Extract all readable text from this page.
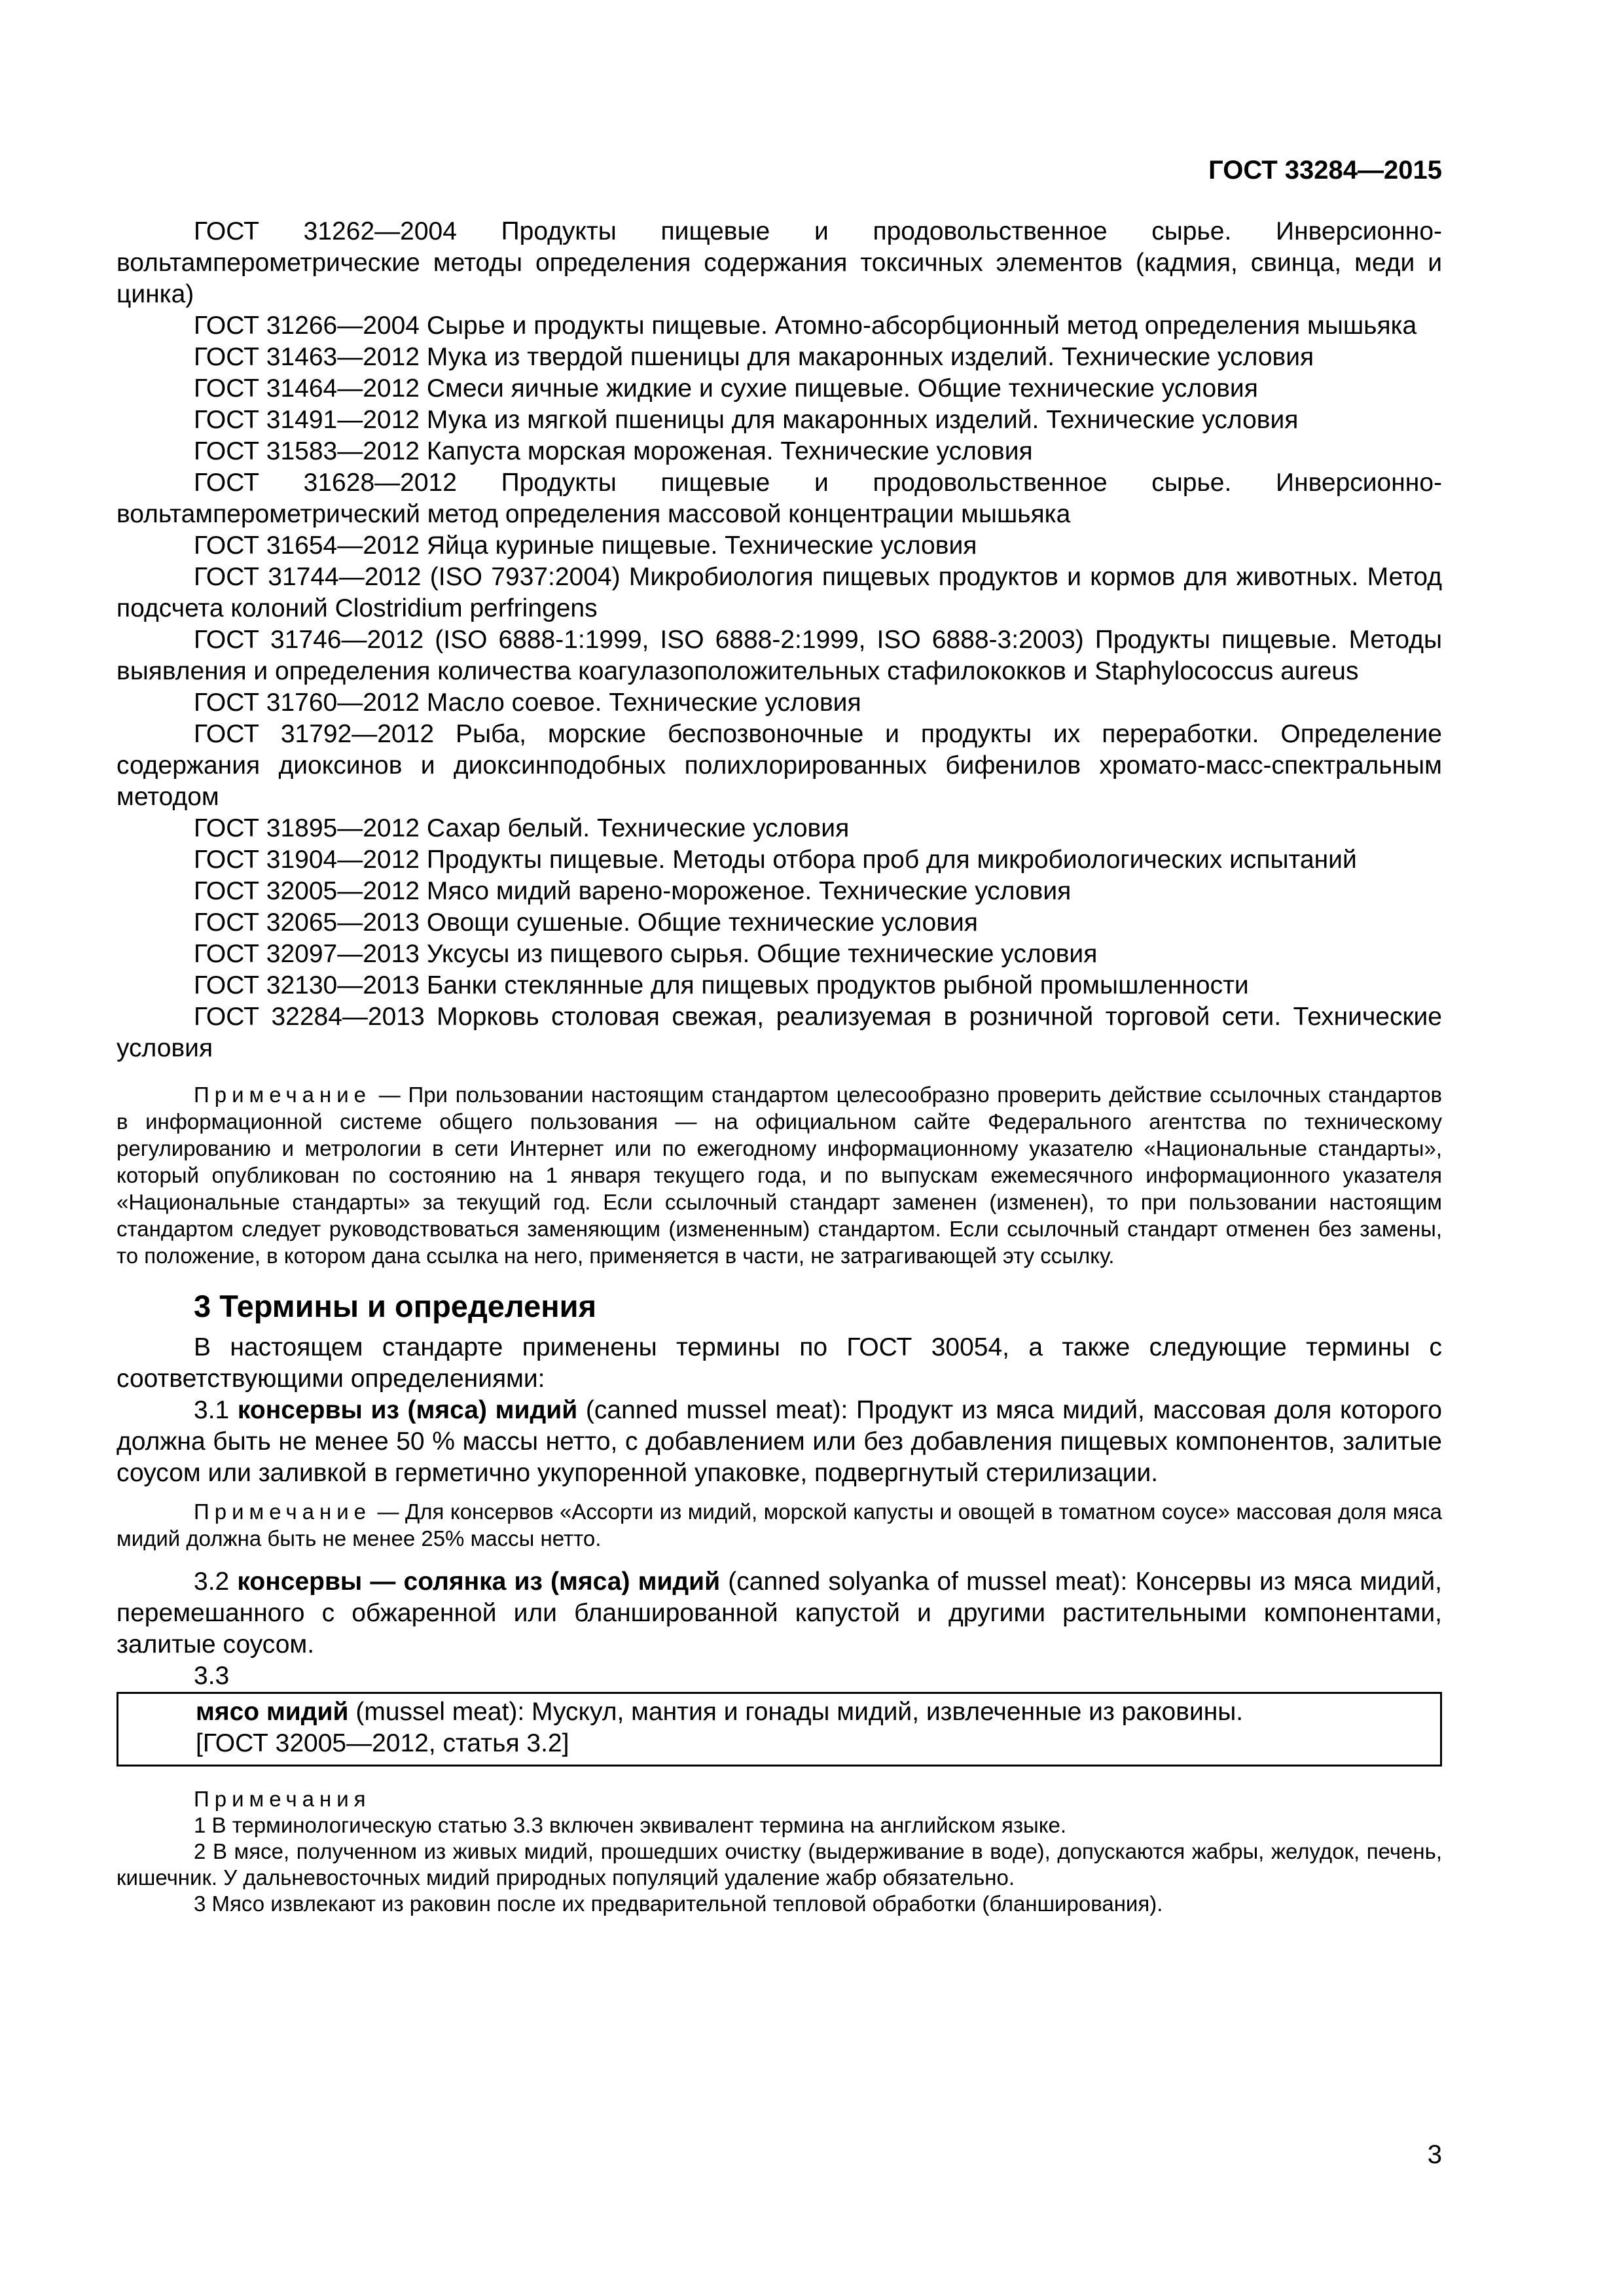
ГОСТ 33284—2015

ГОСТ 31262—2004 Продукты пищевые и продовольственное сырье. Инверсионно-вольтамперометрические методы определения содержания токсичных элементов (кадмия, свинца, меди и цинка)

ГОСТ 31266—2004 Сырье и продукты пищевые. Атомно-абсорбционный метод определения мышьяка

ГОСТ 31463—2012 Мука из твердой пшеницы для макаронных изделий. Технические условия

ГОСТ 31464—2012 Смеси яичные жидкие и сухие пищевые. Общие технические условия

ГОСТ 31491—2012 Мука из мягкой пшеницы для макаронных изделий. Технические условия

ГОСТ 31583—2012 Капуста морская мороженая. Технические условия

ГОСТ 31628—2012 Продукты пищевые и продовольственное сырье. Инверсионно-вольтамперометрический метод определения массовой концентрации мышьяка

ГОСТ 31654—2012 Яйца куриные пищевые. Технические условия

ГОСТ 31744—2012 (ISO 7937:2004) Микробиология пищевых продуктов и кормов для животных. Метод подсчета колоний Clostridium perfringens

ГОСТ 31746—2012 (ISO 6888-1:1999, ISO 6888-2:1999, ISO 6888-3:2003) Продукты пищевые. Методы выявления и определения количества коагулазоположительных стафилококков и Staphylococcus aureus

ГОСТ 31760—2012 Масло соевое. Технические условия

ГОСТ 31792—2012 Рыба, морские беспозвоночные и продукты их переработки. Определение содержания диоксинов и диоксинподобных полихлорированных бифенилов хромато-масс-спектральным методом

ГОСТ 31895—2012 Сахар белый. Технические условия

ГОСТ 31904—2012 Продукты пищевые. Методы отбора проб для микробиологических испытаний

ГОСТ 32005—2012 Мясо мидий варено-мороженое. Технические условия

ГОСТ 32065—2013 Овощи сушеные. Общие технические условия

ГОСТ 32097—2013 Уксусы из пищевого сырья. Общие технические условия

ГОСТ 32130—2013 Банки стеклянные для пищевых продуктов рыбной промышленности

ГОСТ 32284—2013 Морковь столовая свежая, реализуемая в розничной торговой сети. Технические условия

Примечание — При пользовании настоящим стандартом целесообразно проверить действие ссылочных стандартов в информационной системе общего пользования — на официальном сайте Федерального агентства по техническому регулированию и метрологии в сети Интернет или по ежегодному информационному указателю «Национальные стандарты», который опубликован по состоянию на 1 января текущего года, и по выпускам ежемесячного информационного указателя «Национальные стандарты» за текущий год. Если ссылочный стандарт заменен (изменен), то при пользовании настоящим стандартом следует руководствоваться заменяющим (измененным) стандартом. Если ссылочный стандарт отменен без замены, то положение, в котором дана ссылка на него, применяется в части, не затрагивающей эту ссылку.

3 Термины и определения

В настоящем стандарте применены термины по ГОСТ 30054, а также следующие термины с соответствующими определениями:

3.1 консервы из (мяса) мидий (canned mussel meat): Продукт из мяса мидий, массовая доля которого должна быть не менее 50 % массы нетто, с добавлением или без добавления пищевых компонентов, залитые соусом или заливкой в герметично укупоренной упаковке, подвергнутый стерилизации.

Примечание — Для консервов «Ассорти из мидий, морской капусты и овощей в томатном соусе» массовая доля мяса мидий должна быть не менее 25% массы нетто.

3.2 консервы — солянка из (мяса) мидий (canned solyanka of mussel meat): Консервы из мяса мидий, перемешанного с обжаренной или бланшированной капустой и другими растительными компонентами, залитые соусом.

3.3

мясо мидий (mussel meat): Мускул, мантия и гонады мидий, извлеченные из раковины.
[ГОСТ 32005—2012, статья 3.2]

Примечания

1 В терминологическую статью 3.3 включен эквивалент термина на английском языке.

2 В мясе, полученном из живых мидий, прошедших очистку (выдерживание в воде), допускаются жабры, желудок, печень, кишечник. У дальневосточных мидий природных популяций удаление жабр обязательно.

3 Мясо извлекают из раковин после их предварительной тепловой обработки (бланширования).

3
